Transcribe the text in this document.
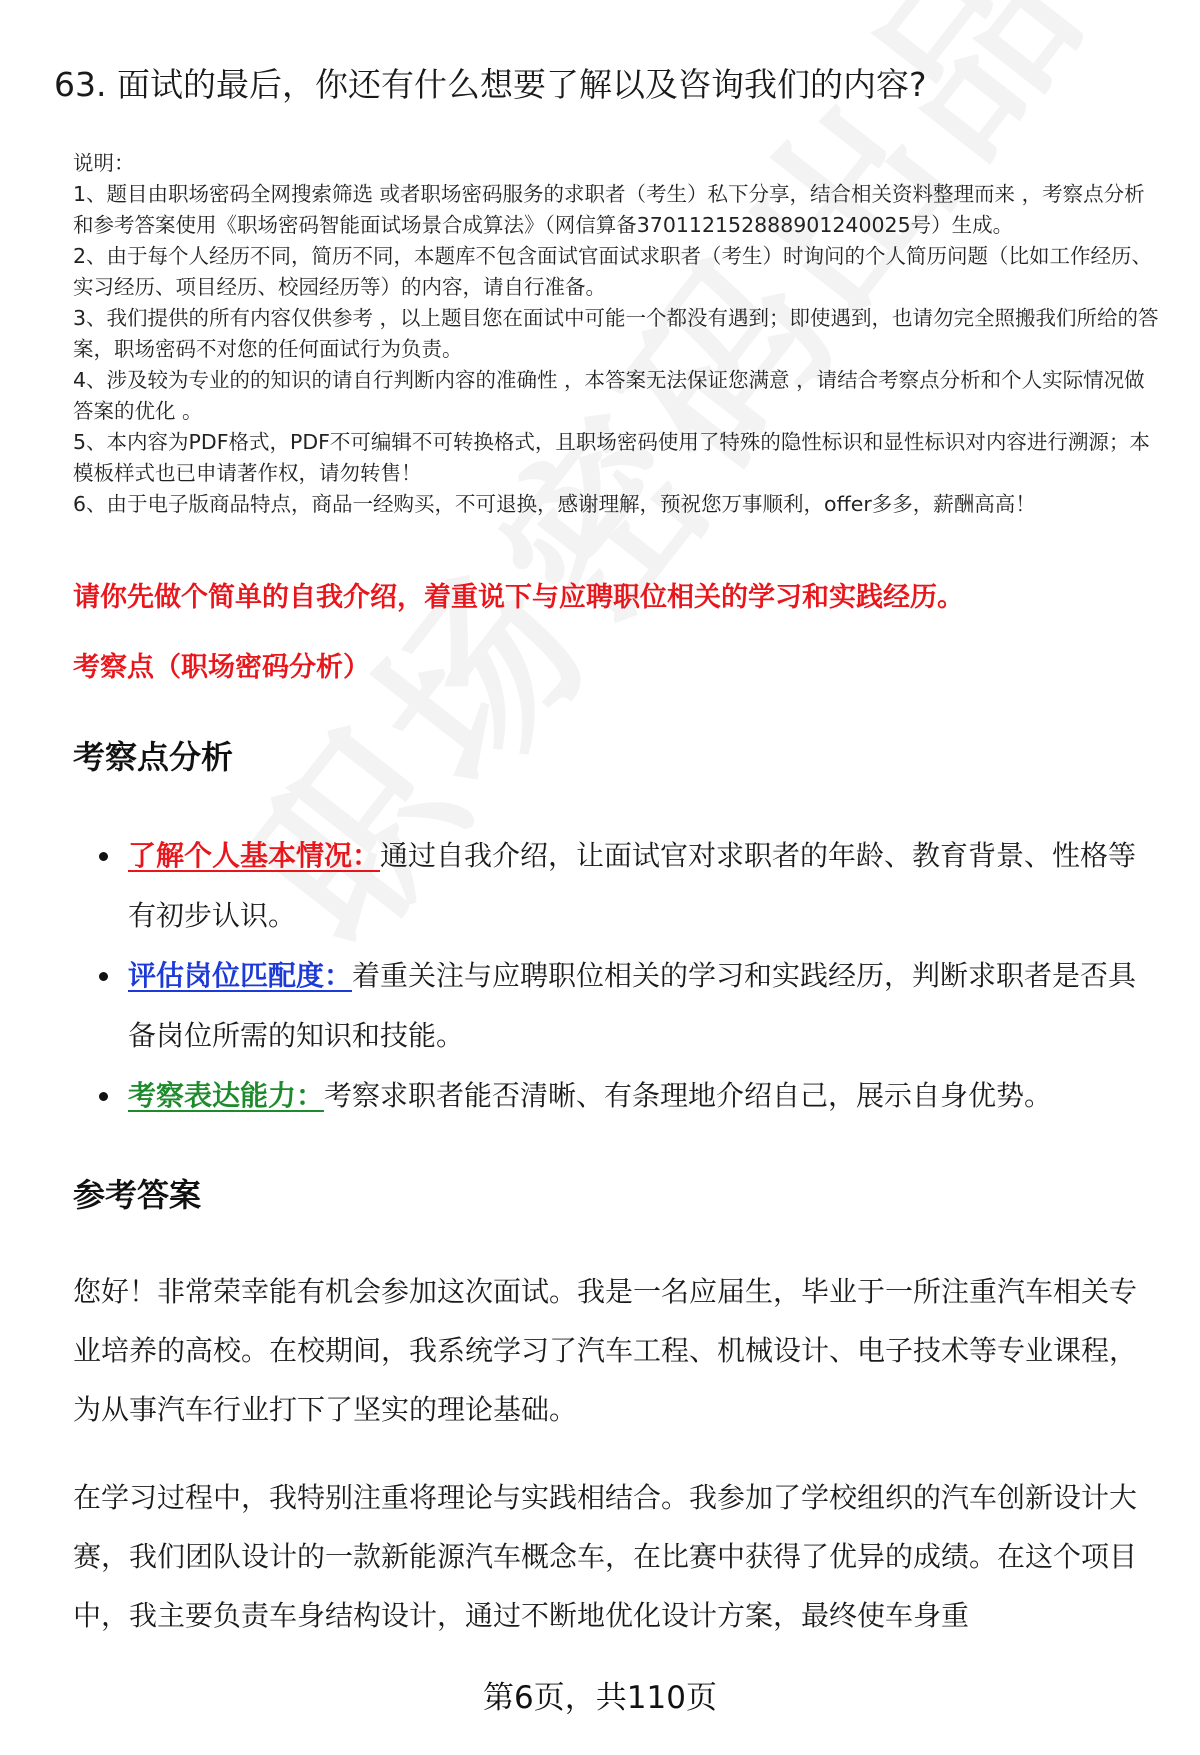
63. 面试的最后，你还有什么想要了解以及咨询我们的内容?

说明：

1、题目由职场密码全网搜索筛选 或者职场密码服务的求职者（考生）私下分享，结合相关资料整理而来 ，考察点分析和参考答案使用《职场密码智能面试场景合成算法》（网信算备370112152888901240025号）生成。

2、由于每个人经历不同，简历不同，本题库不包含面试官面试求职者（考生）时询问的个人简历问题（比如工作经历、实习经历、项目经历、校园经历等）的内容，请自行准备。

3、我们提供的所有内容仅供参考 ，以上题目您在面试中可能一个都没有遇到；即使遇到，也请勿完全照搬我们所给的答案，职场密码不对您的任何面试行为负责。

4、涉及较为专业的的知识的请自行判断内容的准确性 ，本答案无法保证您满意 ，请结合考察点分析和个人实际情况做答案的优化 。

5、本内容为PDF格式，PDF不可编辑不可转换格式，且职场密码使用了特殊的隐性标识和显性标识对内容进行溯源；本模板样式也已申请著作权，请勿转售！

6、由于电子版商品特点，商品一经购买，不可退换，感谢理解，预祝您万事顺利，offer多多，薪酬高高！

请你先做个简单的自我介绍，着重说下与应聘职位相关的学习和实践经历。

考察点（职场密码分析）

考察点分析
了解个人基本情况：通过自我介绍，让面试官对求职者的年龄、教育背景、性格等有初步认识。
评估岗位匹配度：着重关注与应聘职位相关的学习和实践经历，判断求职者是否具备岗位所需的知识和技能。
考察表达能力：考察求职者能否清晰、有条理地介绍自己，展示自身优势。
参考答案

您好！非常荣幸能有机会参加这次面试。我是一名应届生，毕业于一所注重汽车相关专业培养的高校。在校期间，我系统学习了汽车工程、机械设计、电子技术等专业课程，为从事汽车行业打下了坚实的理论基础。

在学习过程中，我特别注重将理论与实践相结合。我参加了学校组织的汽车创新设计大赛，我们团队设计的一款新能源汽车概念车，在比赛中获得了优异的成绩。在这个项目中，我主要负责车身结构设计，通过不断地优化设计方案，最终使车身重

第6页，共110页
